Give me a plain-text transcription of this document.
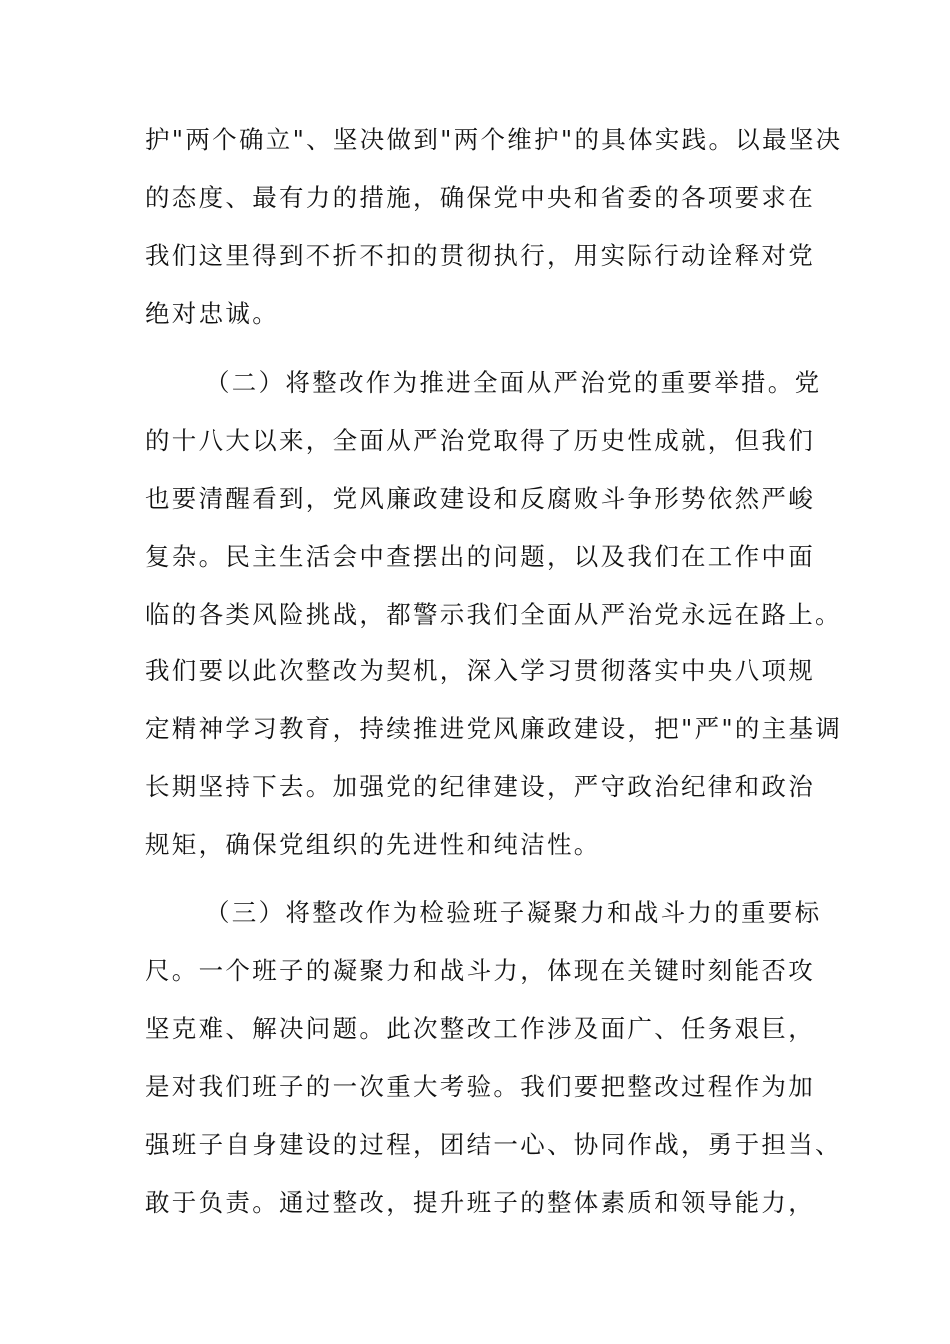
护"两个确立"、坚决做到"两个维护"的具体实践。以最坚决
的态度、最有力的措施，确保党中央和省委的各项要求在
我们这里得到不折不扣的贯彻执行，用实际行动诠释对党
绝对忠诚。
（二）将整改作为推进全面从严治党的重要举措。党
的十八大以来，全面从严治党取得了历史性成就，但我们
也要清醒看到，党风廉政建设和反腐败斗争形势依然严峻
复杂。民主生活会中查摆出的问题，以及我们在工作中面
临的各类风险挑战，都警示我们全面从严治党永远在路上。
我们要以此次整改为契机，深入学习贯彻落实中央八项规
定精神学习教育，持续推进党风廉政建设，把"严"的主基调
长期坚持下去。加强党的纪律建设，严守政治纪律和政治
规矩，确保党组织的先进性和纯洁性。
（三）将整改作为检验班子凝聚力和战斗力的重要标
尺。一个班子的凝聚力和战斗力，体现在关键时刻能否攻
坚克难、解决问题。此次整改工作涉及面广、任务艰巨，
是对我们班子的一次重大考验。我们要把整改过程作为加
强班子自身建设的过程，团结一心、协同作战，勇于担当、
敢于负责。通过整改，提升班子的整体素质和领导能力，
